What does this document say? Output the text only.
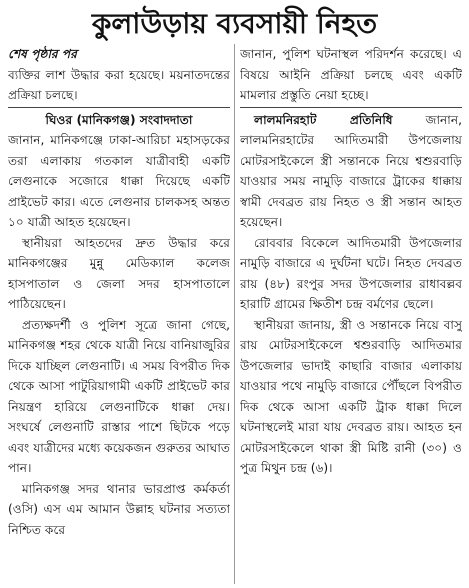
কুলাউড়ায় ব্যবসায়ী নিহত
শেষ পৃষ্ঠার পর

ব্যক্তির লাশ উদ্ধার করা হয়েছে। ময়নাতদন্তের প্রক্রিয়া চলছে।

ঘিওর (মানিকগঞ্জ) সংবাদদাতা

জানান, মানিকগঞ্জে ঢাকা-আরিচা মহাসড়কের তরা এলাকায় গতকাল যাত্রীবাহী একটি লেগুনাকে সজোরে ধাক্কা দিয়েছে একটি প্রাইভেট কার। এতে লেগুনার চালকসহ অন্তত ১০ যাত্রী আহত হয়েছেন।

স্থানীয়রা আহতদের দ্রুত উদ্ধার করে মানিকগঞ্জের মুন্নু মেডিক্যাল কলেজ হাসপাতাল ও জেলা সদর হাসপাতালে পাঠিয়েছেন।

প্রত্যক্ষদর্শী ও পুলিশ সূত্রে জানা গেছে, মানিকগঞ্জ শহর থেকে যাত্রী নিয়ে বানিয়াজুরির দিকে যাচ্ছিল লেগুনাটি। এ সময় বিপরীত দিক থেকে আসা পাটুরিয়াগামী একটি প্রাইভেট কার নিয়ন্ত্রণ হারিয়ে লেগুনাটিকে ধাক্কা দেয়। সংঘর্ষে লেগুনাটি রাস্তার পাশে ছিটকে পড়ে এবং যাত্রীদের মধ্যে কয়েকজন গুরুতর আঘাত পান।

মানিকগঞ্জ সদর থানার ভারপ্রাপ্ত কর্মকর্তা (ওসি) এস এম আমান উল্লাহ ঘটনার সত্যতা নিশ্চিত করে

জানান, পুলিশ ঘটনাস্থল পরিদর্শন করেছে। এ বিষয়ে আইনি প্রক্রিয়া চলছে এবং একটি মামলার প্রস্তুতি নেয়া হচ্ছে।

লালমনিরহাট প্রতিনিধি জানান, লালমনিরহাটের আদিতমারী উপজেলায় মোটরসাইকেলে স্ত্রী সন্তানকে নিয়ে শ্বশুরবাড়ি যাওয়ার সময় নামুড়ি বাজারে ট্রাকের ধাক্কায় স্বামী দেবব্রত রায় নিহত ও স্ত্রী সন্তান আহত হয়েছেন।

রোববার বিকেলে আদিতমারী উপজেলার নামুড়ি বাজারে এ দুর্ঘটনা ঘটে। নিহত দেবব্রত রায় (৪৮) রংপুর সদর উপজেলার রাধাবল্লব হারাটি গ্রামের ক্ষিতীশ চন্দ্র বর্মণের ছেলে।

স্থানীয়রা জানায়, স্ত্রী ও সন্তানকে নিয়ে বাসু রায় মোটরসাইকেলে শ্বশুরবাড়ি আদিতমার উপজেলার ভাদাই কাছারি বাজার এলাকায় যাওয়ার পথে নামুড়ি বাজারে পৌঁছলে বিপরীত দিক থেকে আসা একটি ট্রাক ধাক্কা দিলে ঘটনাস্থলেই মারা যায় দেবব্রত রায়। আহত হন মোটরসাইকেলে থাকা স্ত্রী মিষ্টি রানী (৩০) ও পুত্র মিথুন চন্দ্র (৬)।
